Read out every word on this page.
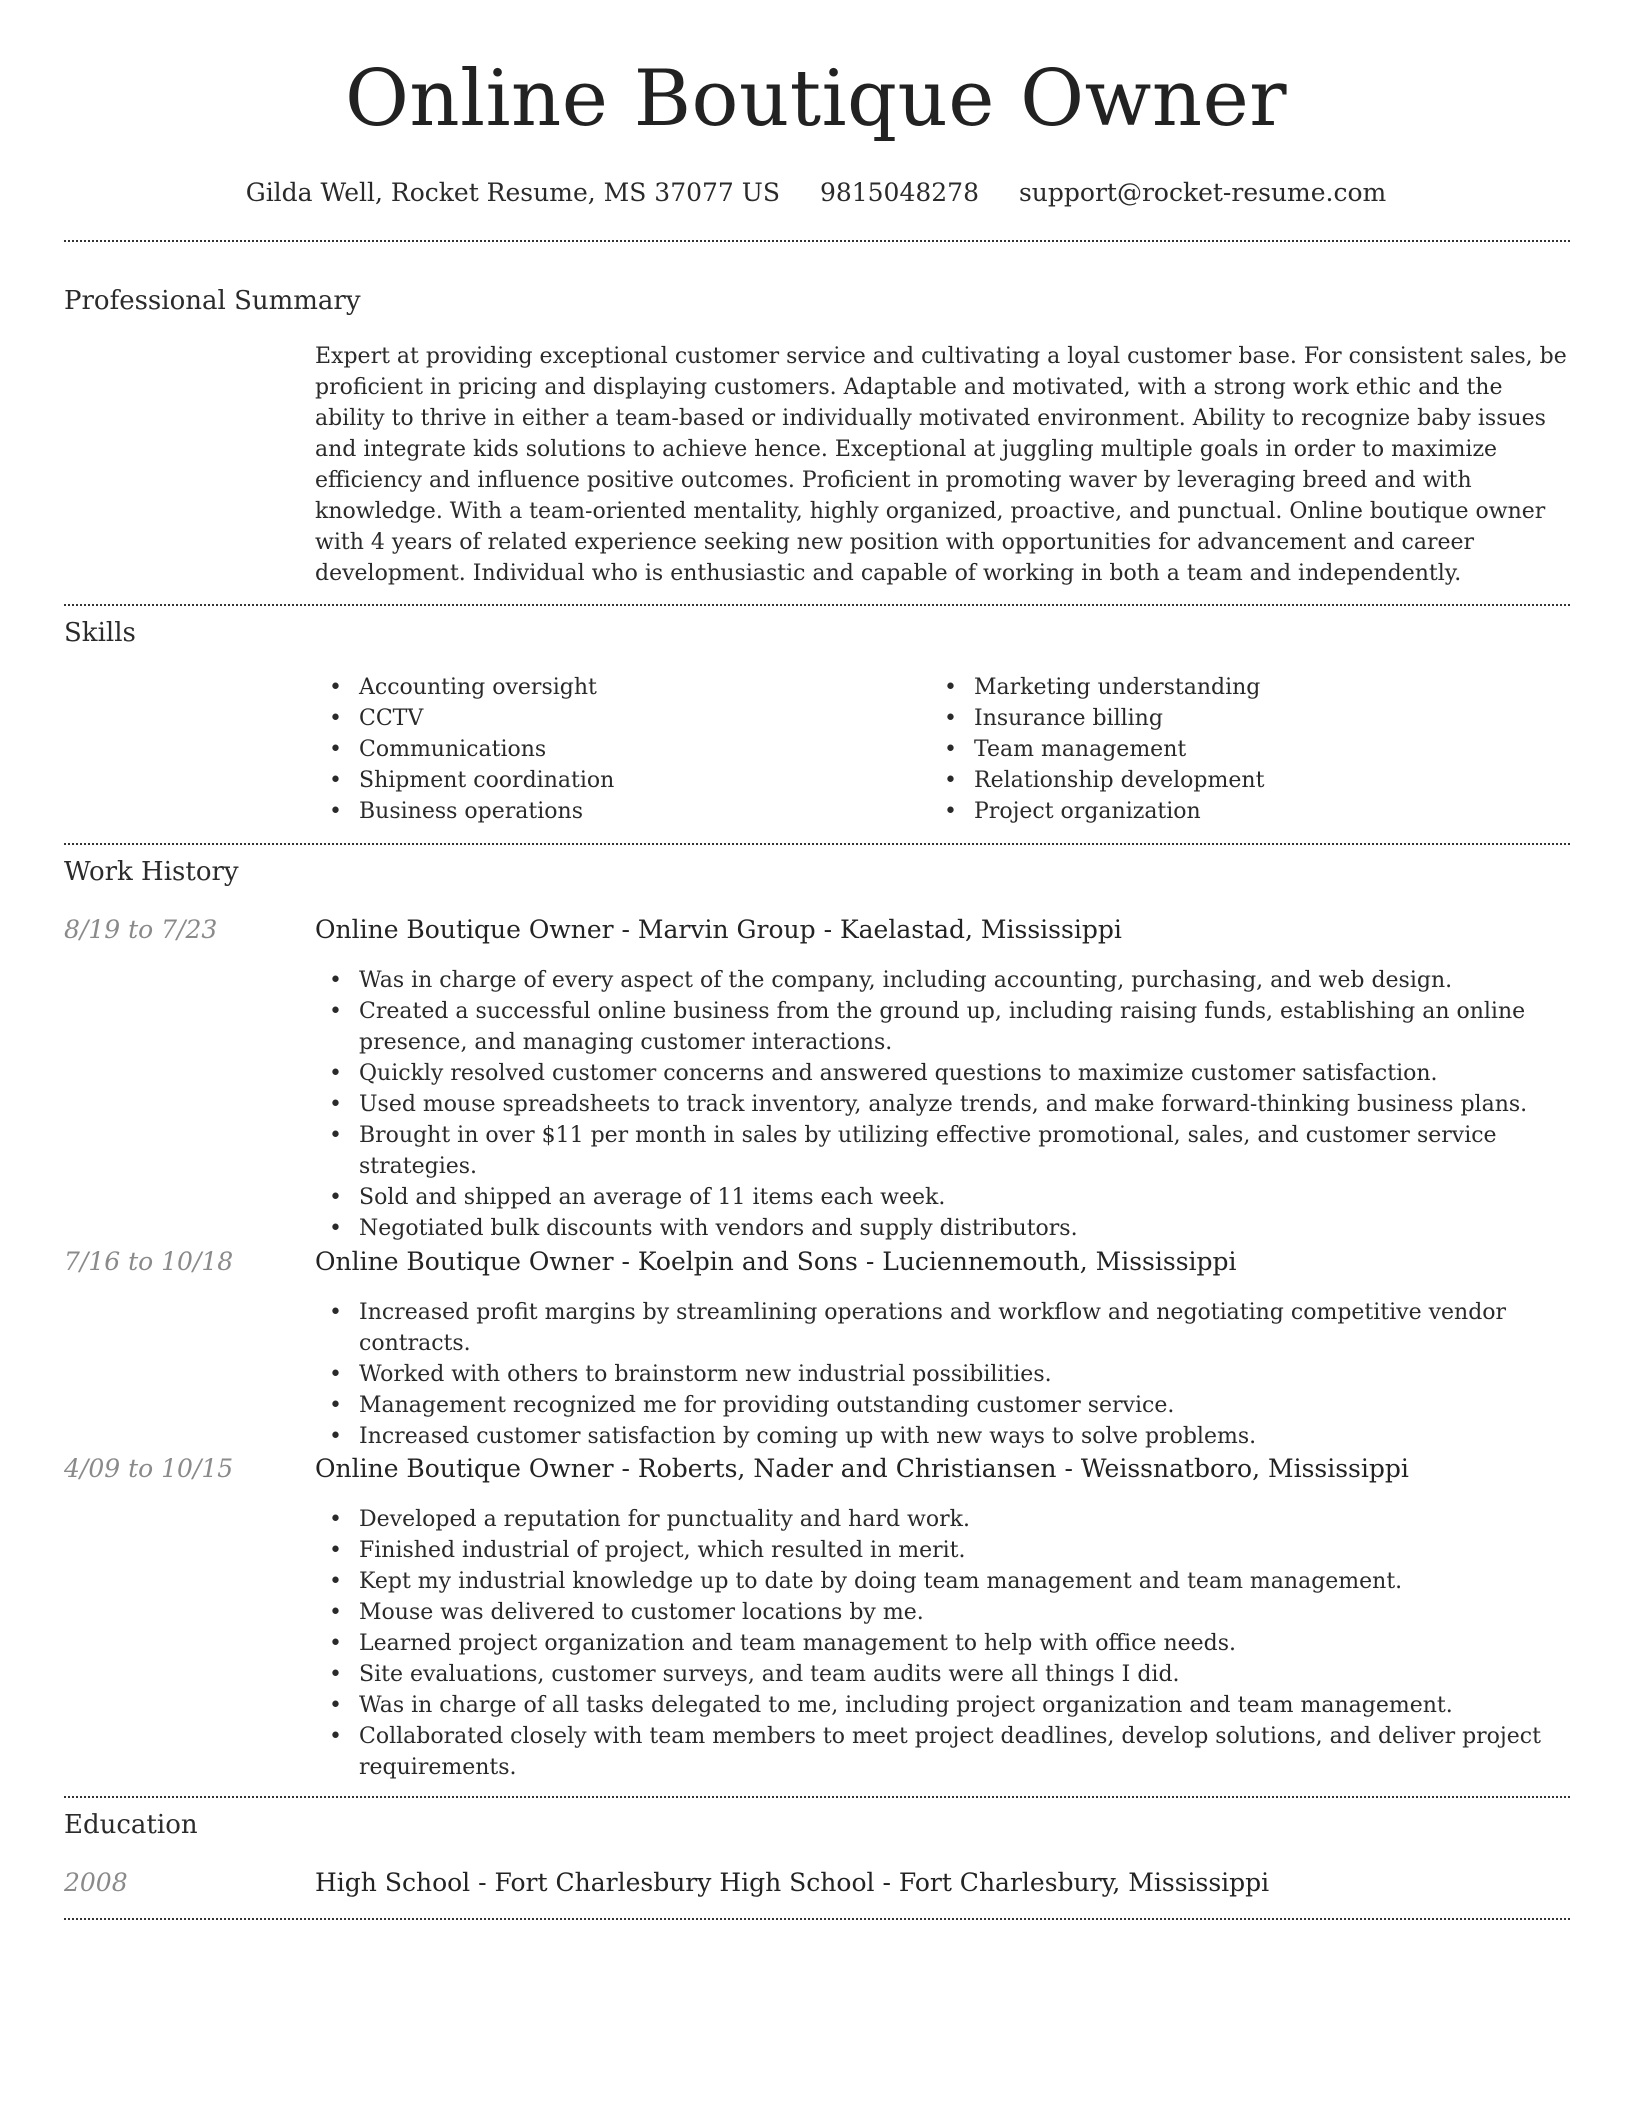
Online Boutique Owner
Gilda Well, Rocket Resume, MS 37077 US 9815048278 support@rocket-resume.com
Professional Summary
Expert at providing exceptional customer service and cultivating a loyal customer base. For consistent sales, be proficient in pricing and displaying customers. Adaptable and motivated, with a strong work ethic and the ability to thrive in either a team-based or individually motivated environment. Ability to recognize baby issues and integrate kids solutions to achieve hence. Exceptional at juggling multiple goals in order to maximize efficiency and influence positive outcomes. Proficient in promoting waver by leveraging breed and with knowledge. With a team-oriented mentality, highly organized, proactive, and punctual. Online boutique owner with 4 years of related experience seeking new position with opportunities for advancement and career development. Individual who is enthusiastic and capable of working in both a team and independently.
Skills
• Accounting oversight
• CCTV
• Communications
• Shipment coordination
• Business operations
• Marketing understanding
• Insurance billing
• Team management
• Relationship development
• Project organization
Work History
8/19 to 7/23	Online Boutique Owner - Marvin Group - Kaelastad, Mississippi
• Was in charge of every aspect of the company, including accounting, purchasing, and web design.
• Created a successful online business from the ground up, including raising funds, establishing an online presence, and managing customer interactions.
• Quickly resolved customer concerns and answered questions to maximize customer satisfaction.
• Used mouse spreadsheets to track inventory, analyze trends, and make forward-thinking business plans.
• Brought in over $11 per month in sales by utilizing effective promotional, sales, and customer service strategies.
• Sold and shipped an average of 11 items each week.
• Negotiated bulk discounts with vendors and supply distributors.
7/16 to 10/18	Online Boutique Owner - Koelpin and Sons - Luciennemouth, Mississippi
• Increased profit margins by streamlining operations and workflow and negotiating competitive vendor contracts.
• Worked with others to brainstorm new industrial possibilities.
• Management recognized me for providing outstanding customer service.
• Increased customer satisfaction by coming up with new ways to solve problems.
4/09 to 10/15	Online Boutique Owner - Roberts, Nader and Christiansen - Weissnatboro, Mississippi
• Developed a reputation for punctuality and hard work.
• Finished industrial of project, which resulted in merit.
• Kept my industrial knowledge up to date by doing team management and team management.
• Mouse was delivered to customer locations by me.
• Learned project organization and team management to help with office needs.
• Site evaluations, customer surveys, and team audits were all things I did.
• Was in charge of all tasks delegated to me, including project organization and team management.
• Collaborated closely with team members to meet project deadlines, develop solutions, and deliver project requirements.
Education
2008	High School - Fort Charlesbury High School - Fort Charlesbury, Mississippi
